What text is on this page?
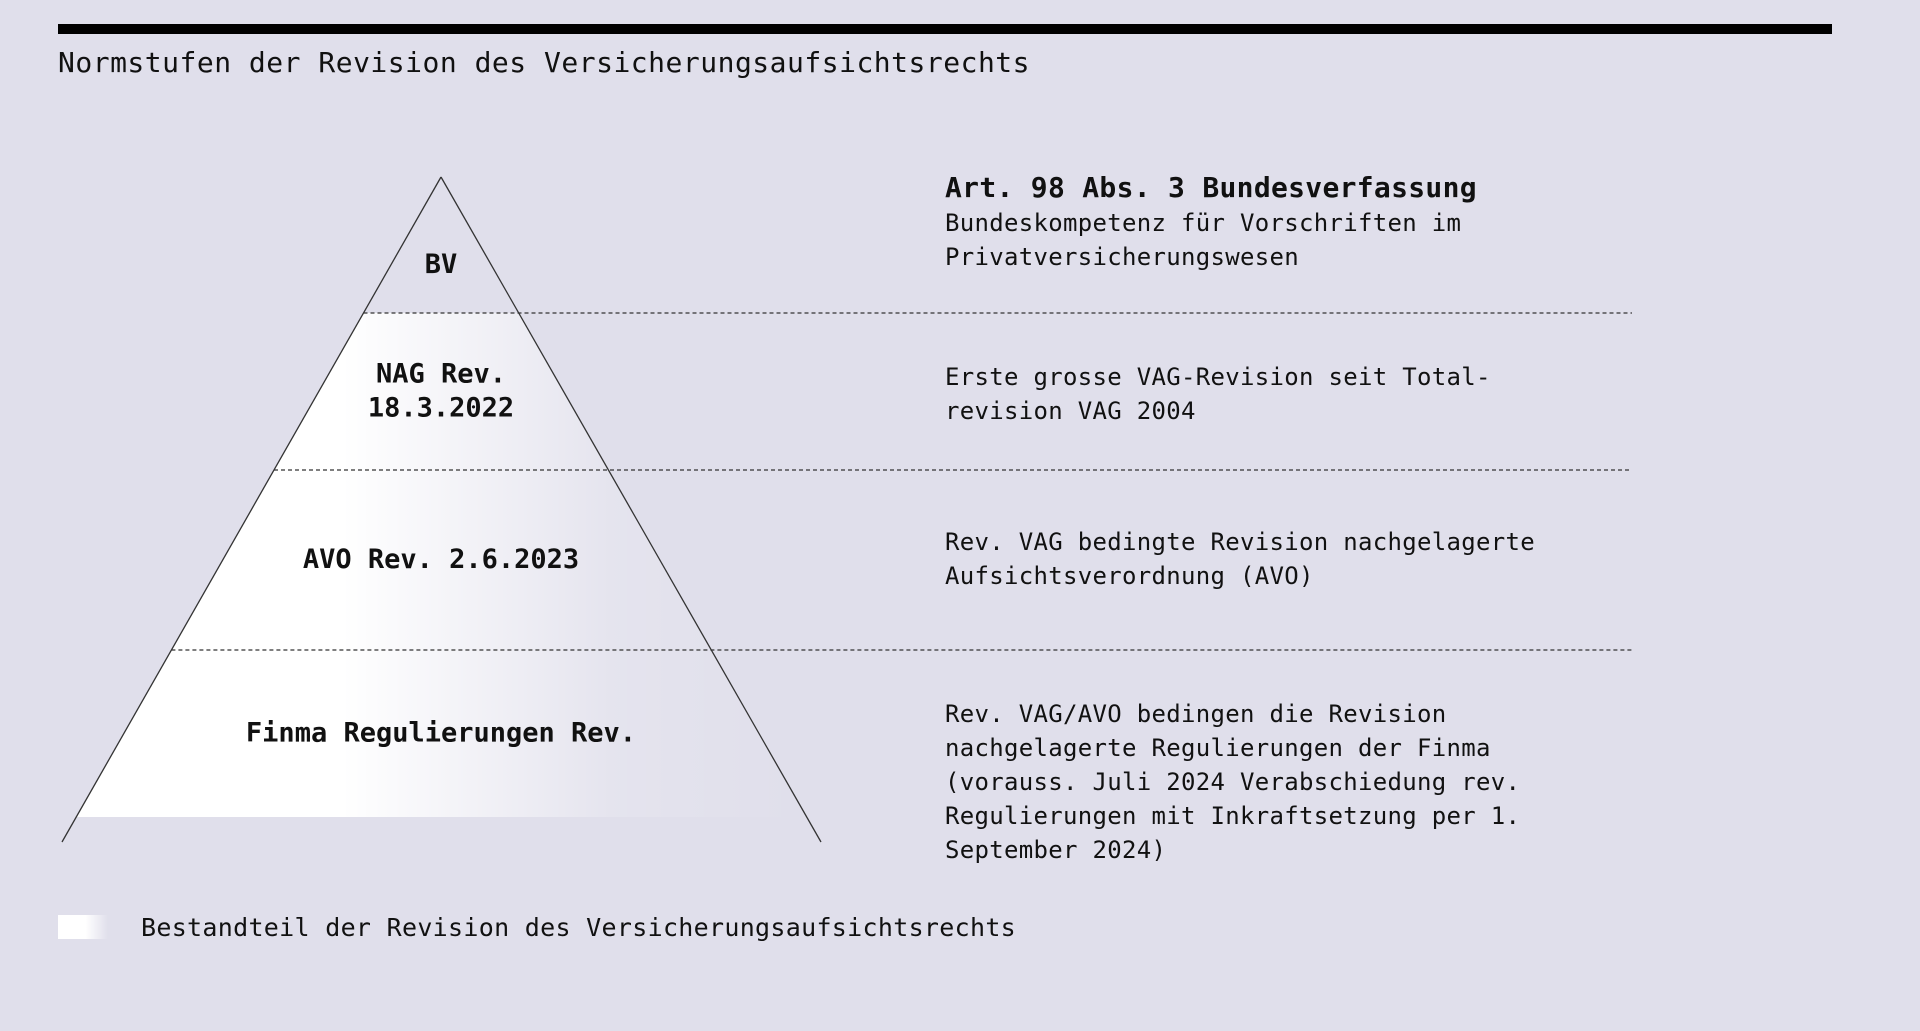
Normstufen der Revision des Versicherungsaufsichtsrechts
BV
NAG Rev. 18.3.2022
AVO Rev. 2.6.2023
Finma Regulierungen Rev.
Art. 98 Abs. 3 Bundesverfassung
Bundeskompetenz für Vorschriften im
Privatversicherungswesen
Erste grosse VAG-Revision seit Total-
revision VAG 2004
Rev. VAG bedingte Revision nachgelagerte
Aufsichtsverordnung (AVO)
Rev. VAG/AVO bedingen die Revision
nachgelagerte Regulierungen der Finma
(vorauss. Juli 2024 Verabschiedung rev.
Regulierungen mit Inkraftsetzung per 1.
September 2024)
Bestandteil der Revision des Versicherungsaufsichtsrechts
